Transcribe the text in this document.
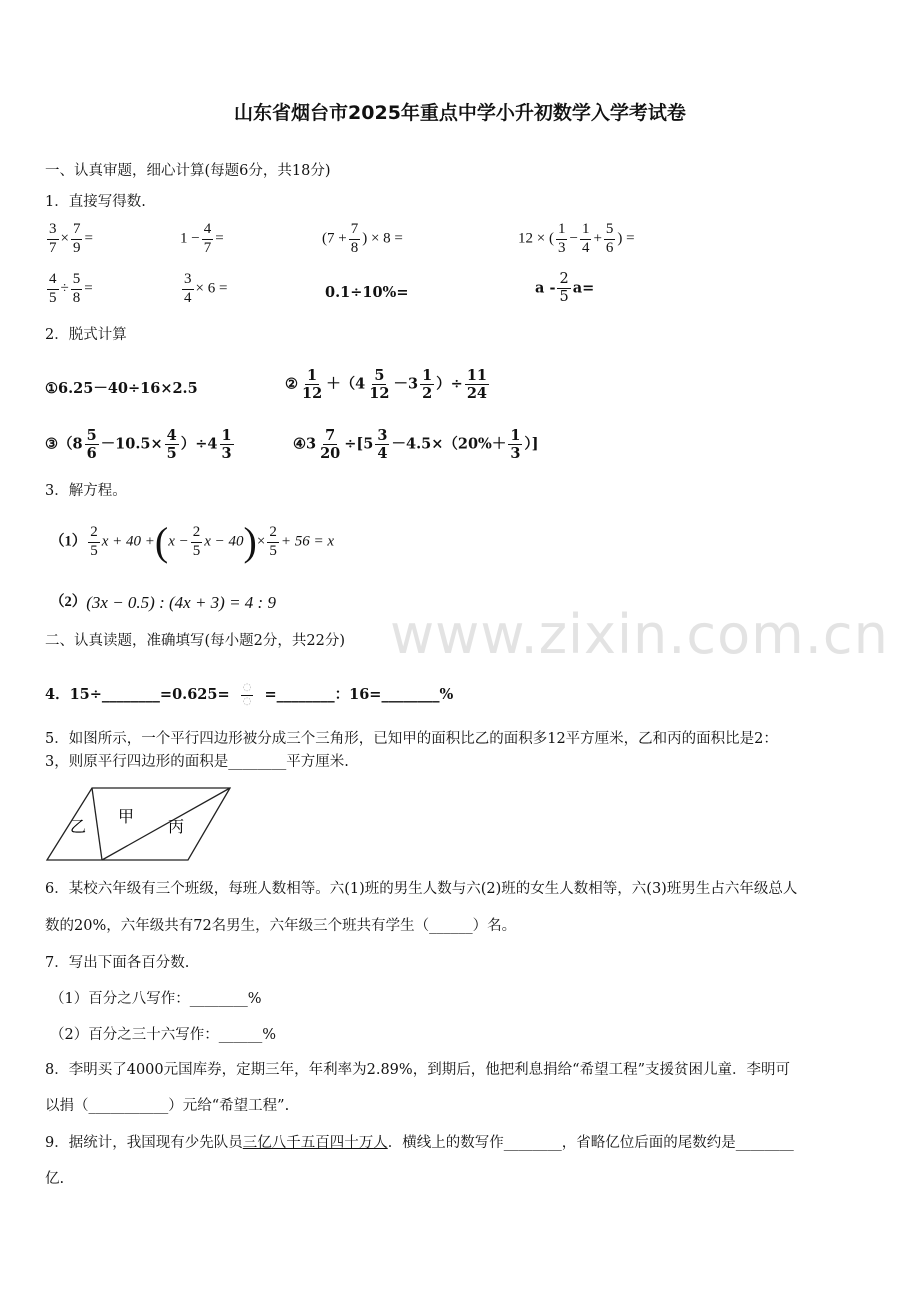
www.zixin.com.cn
山东省烟台市2025年重点中学小升初数学入学考试卷
一、认真审题，细心计算(每题6分，共18分)
1．直接写得数.
$\frac{3}{7} \times \frac{7}{9}$ =	$1 - \frac{4}{7}$ =	($7 + \frac{7}{8}$ ) × 8 =	12 × ( $\frac{1}{3} - \frac{1}{4} + \frac{5}{6}$ ) =
$\frac{4}{5} \div \frac{5}{8}$ =	$\frac{3}{4} \times 6$ =	0.1÷10%=	$a - \frac{2}{5} a=$
2．脱式计算
①6.25－40÷16×2.5	② $\frac{1}{12} +(4 \frac{5}{12} -3 \frac{1}{2}$ ）÷ $\frac{11}{24}$
③（8 $\frac{5}{6} -10.5\times \frac{4}{5} )\div 4 \frac{1}{3}$	④3 $\frac{7}{20} \div[5 \frac{3}{4} -4.5\times(20\%+ \frac{1}{3}$ ）]
3．解方程。
$(1) \frac{2}{5}$ $x + 40 +(x - \frac{2}{5}$ $x - 40)\times \frac{2}{5} + 56 = x$
（2）(3x − 0.5) : (4x + 3) = 4 : 9
二、认真读题，准确填写(每小题2分，共22分)
4．15÷________=0.625= $\frac{◌}{◌}$ =________：16=________%
5．如图所示，一个平行四边形被分成三个三角形，已知甲的面积比乙的面积多12平方厘米，乙和丙的面积比是2：
3，则原平行四边形的面积是________平方厘米.
乙
甲
丙
6．某校六年级有三个班级，每班人数相等。六(1)班的男生人数与六(2)班的女生人数相等，六(3)班男生占六年级总人
数的20%，六年级共有72名男生，六年级三个班共有学生（______）名。
7．写出下面各百分数.
（1）百分之八写作：________%
（2）百分之三十六写作：______%
8．李明买了4000元国库券，定期三年，年利率为2.89%，到期后，他把利息捐给“希望工程”支援贫困儿童．李明可
以捐（___________）元给“希望工程”.
9．据统计，我国现有少先队员三亿八千五百四十万人．横线上的数写作________，省略亿位后面的尾数约是________
亿.
